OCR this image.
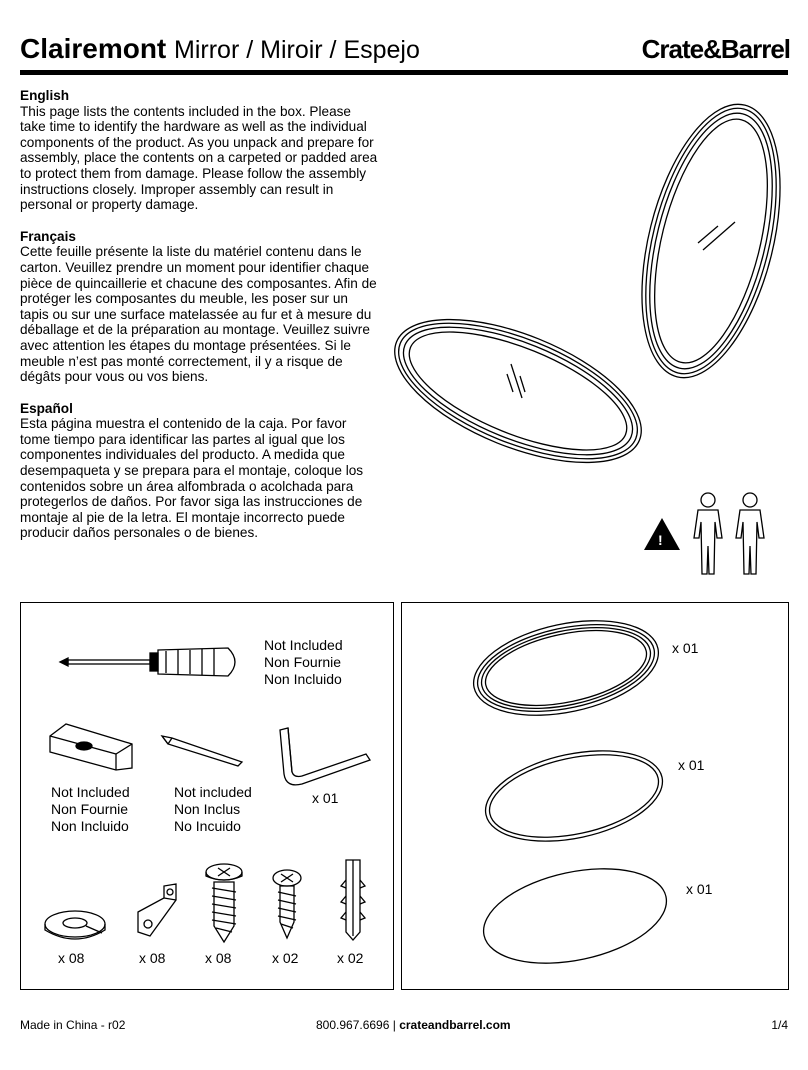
Clairemont Mirror / Miroir / Espejo	Crate&Barrel
English

This page lists the contents included in the box. Please take time to identify the hardware as well as the individual components of the product. As you unpack and prepare for assembly, place the contents on a carpeted or padded area to protect them from damage. Please follow the assembly instructions closely. Improper assembly can result in personal or property damage.

Français

Cette feuille présente la liste du matériel contenu dans le carton. Veuillez prendre un moment pour identifier chaque pièce de quincaillerie et chacune des composantes. Afin de protéger les composantes du meuble, les poser sur un tapis ou sur une surface matelassée au fur et à mesure du déballage et de la préparation au montage. Veuillez suivre avec attention les étapes du montage présentées. Si le meuble n’est pas monté correctement, il y a risque de dégâts pour vous ou vos biens.

Español

Esta página muestra el contenido de la caja. Por favor tome tiempo para identificar las partes al igual que los componentes individuales del producto. A medida que desempaqueta y se prepara para el montaje, coloque los contenidos sobre un área alfombrada o acolchada para protegerlos de daños. Por favor siga las instrucciones de montaje al pie de la letra. El montaje incorrecto puede producir daños personales o de bienes.	!
Not Included
Non Fournie
Non Incluido
Not Included
Non Fournie
Non Incluido
Not included
Non Inclus
No Incuido
x 01
x 08	x 08	x 08	x 02	x 02
x 01
x 01
x 01
Made in China - r02	800.967.6696 | crateandbarrel.com	1/4
